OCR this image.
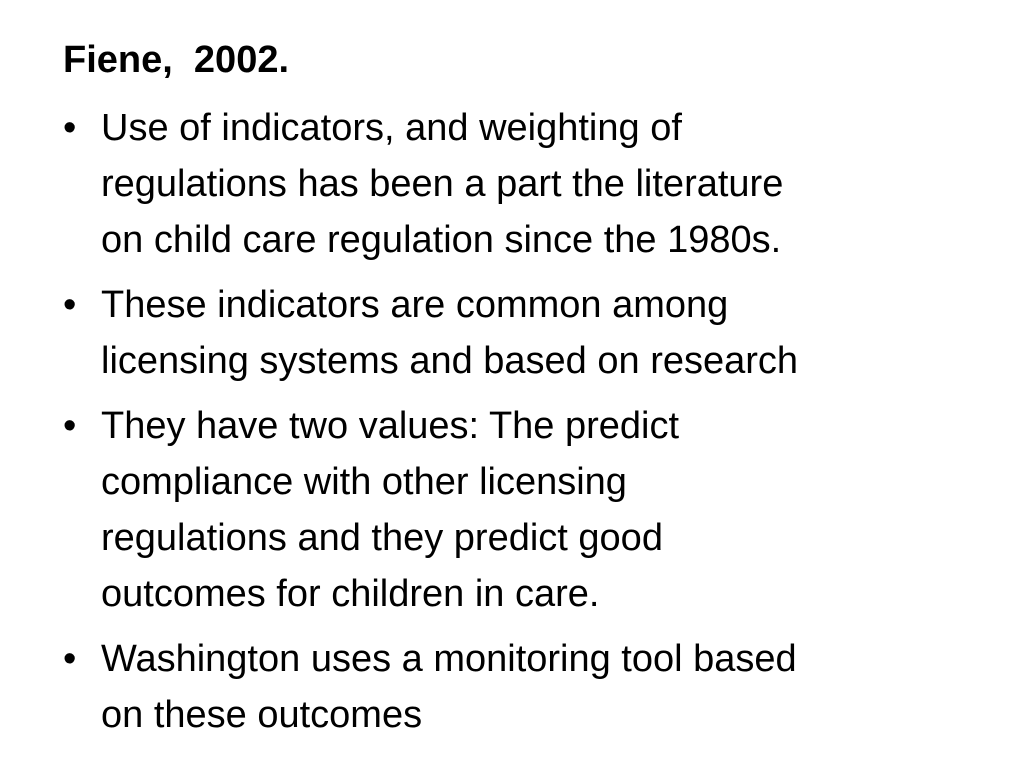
Fiene,  2002.
• Use of indicators, and weighting of
regulations has been a part the literature
on child care regulation since the 1980s.
• These indicators are common among
licensing systems and based on research
• They have two values: The predict
compliance with other licensing
regulations and they predict good
outcomes for children in care.
• Washington uses a monitoring tool based
on these outcomes
